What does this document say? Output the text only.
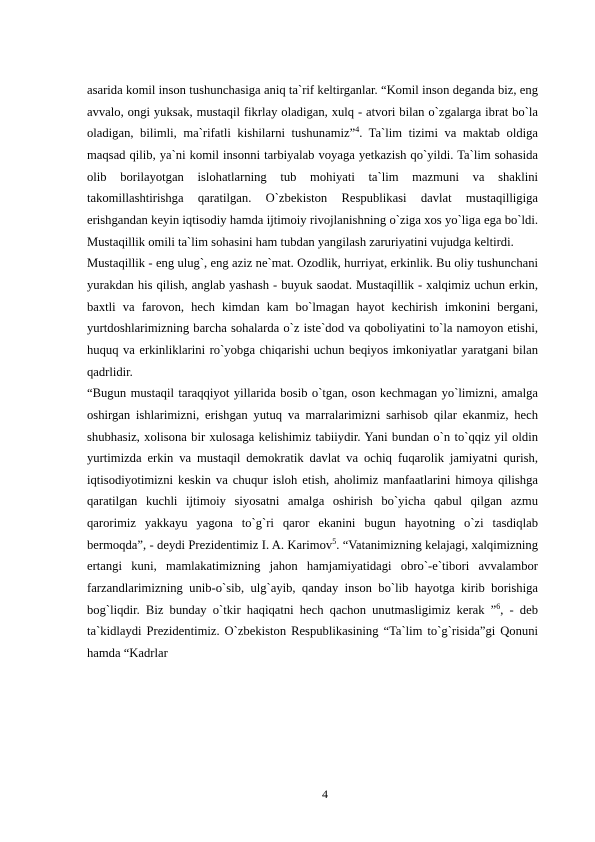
asarida komil inson tushunchasiga aniq ta`rif keltirganlar. “Komil inson deganda biz, eng avvalo, ongi yuksak, mustaqil fikrlay oladigan, xulq - atvori bilan o`zgalarga ibrat bo`la oladigan, bilimli, ma`rifatli kishilarni tushunamiz”$^4$. Ta`lim tizimi va maktab oldiga maqsad qilib, ya`ni komil insonni tarbiyalab voyaga yetkazish qo`yildi. Ta`lim sohasida olib borilayotgan islohatlarning tub mohiyati ta`lim mazmuni va shaklini takomillashtirishga qaratilgan. O`zbekiston Respublikasi davlat mustaqilligiga erishgandan keyin iqtisodiy hamda ijtimoiy rivojlanishning o`ziga xos yo`liga ega bo`ldi. Mustaqillik omili ta`lim sohasini ham tubdan yangilash zaruriyatini vujudga keltirdi.

Mustaqillik - eng ulug`, eng aziz ne`mat. Ozodlik, hurriyat, erkinlik. Bu oliy tushunchani yurakdan his qilish, anglab yashash - buyuk saodat. Mustaqillik - xalqimiz uchun erkin, baxtli va farovon, hech kimdan kam bo`lmagan hayot kechirish imkonini bergani, yurtdoshlarimizning barcha sohalarda o`z iste`dod va qoboliyatini to`la namoyon etishi, huquq va erkinliklarini ro`yobga chiqarishi uchun beqiyos imkoniyatlar yaratgani bilan qadrlidir.

“Bugun mustaqil taraqqiyot yillarida bosib o`tgan, oson kechmagan yo`limizni, amalga oshirgan ishlarimizni, erishgan yutuq va marralarimizni sarhisob qilar ekanmiz, hech shubhasiz, xolisona bir xulosaga kelishimiz tabiiydir. Yani bundan o`n to`qqiz yil oldin yurtimizda erkin va mustaqil demokratik davlat va ochiq fuqarolik jamiyatni qurish, iqtisodiyotimizni keskin va chuqur isloh etish, aholimiz manfaatlarini himoya qilishga qaratilgan kuchli ijtimoiy siyosatni amalga oshirish bo`yicha qabul qilgan azmu qarorimiz yakkayu yagona to`g`ri qaror ekanini bugun hayotning o`zi tasdiqlab bermoqda”, - deydi Prezidentimiz I. A. Karimov$^5$. “Vatanimizning kelajagi, xalqimizning ertangi kuni, mamlakatimizning jahon hamjamiyatidagi obro`-e`tibori avvalambor farzandlarimizning unib-o`sib, ulg`ayib, qanday inson bo`lib hayotga kirib borishiga bog`liqdir. Biz bunday o`tkir haqiqatni hech qachon unutmasligimiz kerak ”$^6$, - deb ta`kidlaydi Prezidentimiz. O`zbekiston Respublikasining “Ta`lim to`g`risida”gi Qonuni hamda “Kadrlar

4
